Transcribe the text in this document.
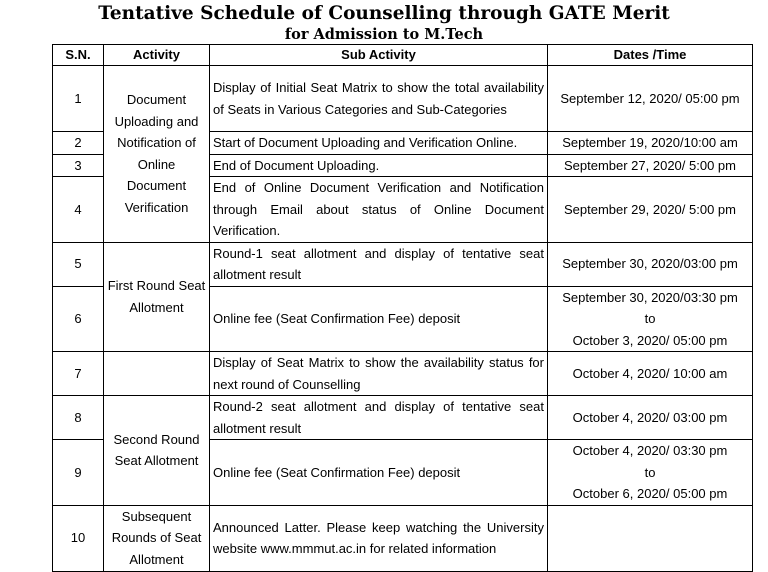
Tentative Schedule of Counselling through GATE Merit
for Admission to M.Tech
S.N.	Activity	Sub Activity	Dates /Time
1	Document Uploading and Notification of Online Document Verification	Display of Initial Seat Matrix to show the total availability of Seats in Various Categories and Sub-Categories	September 12, 2020/ 05:00 pm
2		Start of Document Uploading and Verification Online.	September 19, 2020/10:00 am
3		End of Document Uploading.	September 27, 2020/ 5:00 pm
4		End of Online Document Verification and Notification through Email about status of Online Document Verification.	September 29, 2020/ 5:00 pm
5	First Round Seat Allotment	Round-1 seat allotment and display of tentative seat allotment result	September 30, 2020/03:00 pm
6		Online fee (Seat Confirmation Fee) deposit	September 30, 2020/03:30 pm
to
October 3, 2020/ 05:00 pm

7		Display of Seat Matrix to show the availability status for next round of Counselling	October 4, 2020/ 10:00 am
8	Second Round Seat Allotment	Round-2 seat allotment and display of tentative seat allotment result	October 4, 2020/ 03:00 pm
9		Online fee (Seat Confirmation Fee) deposit	October 4, 2020/ 03:30 pm
to
October 6, 2020/ 05:00 pm

10	Subsequent Rounds of Seat Allotment	Announced Latter. Please keep watching the University website www.mmmut.ac.in for related information	
